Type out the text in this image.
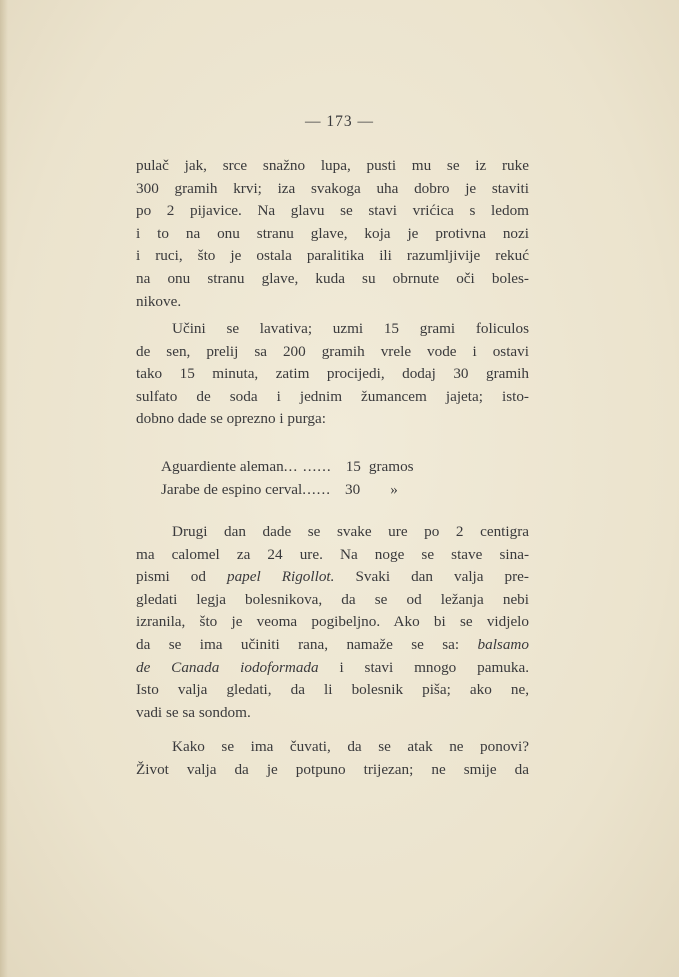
— 173 —
pulač jak, srce snažno lupa, pusti mu se iz ruke
300 gramih krvi; iza svakoga uha dobro je staviti
po 2 pijavice. Na glavu se stavi vrićica s ledom
i to na onu stranu glave, koja je protivna nozi
i ruci, što je ostala paralitika ili razumljivije rekuć
na onu stranu glave, kuda su obrnute oči boles-
nikove.
Učini se lavativa; uzmi 15 grami foliculos
de sen, prelij sa 200 gramih vrele vode i ostavi
tako 15 minuta, zatim procijedi, dodaj 30 gramih
sulfato de soda i jednim žumancem jajeta; isto-
dobno dade se oprezno i purga:
Aguardiente aleman ... ...... 15 gramos
Jarabe de espino cerval ...... 30 »
Drugi dan dade se svake ure po 2 centigra
ma calomel za 24 ure. Na noge se stave sina-
pismi od papel Rigollot. Svaki dan valja pre-
gledati legja bolesnikova, da se od ležanja nebi
izranila, što je veoma pogibeljno. Ako bi se vidjelo
da se ima učiniti rana, namaže se sa: balsamo
de Canada iodoformada i stavi mnogo pamuka.
Isto valja gledati, da li bolesnik piša; ako ne,
vadi se sa sondom.
Kako se ima čuvati, da se atak ne ponovi?
Život valja da je potpuno trijezan; ne smije da
